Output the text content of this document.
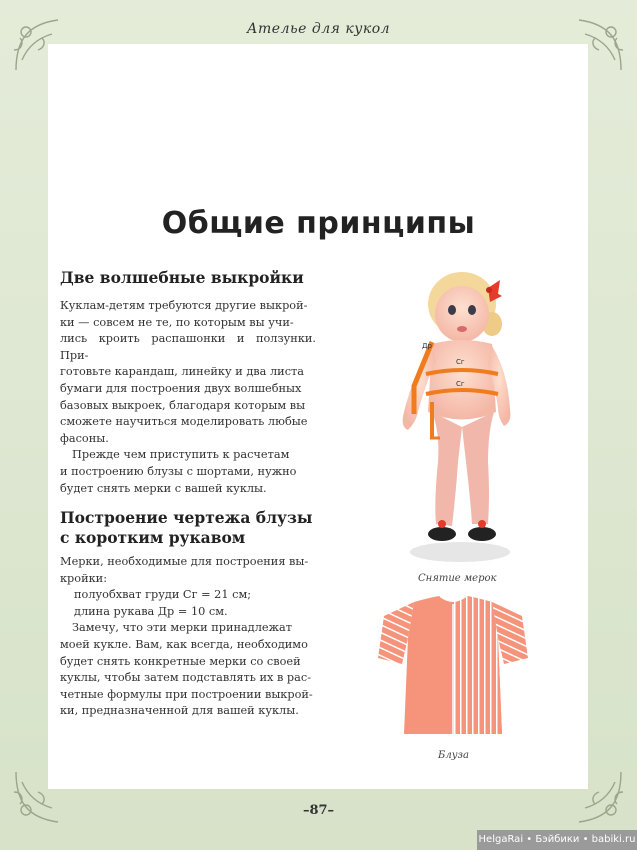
Ателье для кукол
Общие принципы
Две волшебные выкройки
Куклам-детям требуются другие выкрой-
ки — совсем не те, по которым вы учи-
лись кроить распашонки и ползунки. При-
готовьте карандаш, линейку и два листа
бумаги для построения двух волшебных
базовых выкроек, благодаря которым вы
сможете научиться моделировать любые
фасоны.
Прежде чем приступить к расчетам
и построению блузы с шортами, нужно
будет снять мерки с вашей куклы.
Построение чертежа блузы
с коротким рукавом
Мерки, необходимые для построения вы-
кройки:
полуобхват груди Сг = 21 см;
длина рукава Др = 10 см.
Замечу, что эти мерки принадлежат
моей кукле. Вам, как всегда, необходимо
будет снять конкретные мерки со своей
куклы, чтобы затем подставлять их в рас-
четные формулы при построении выкрой-
ки, предназначенной для вашей куклы.
Др
Сг
Сг
Снятие мерок
Блуза
–87–
HelgaRai • Бэйбики • babiki.ru
